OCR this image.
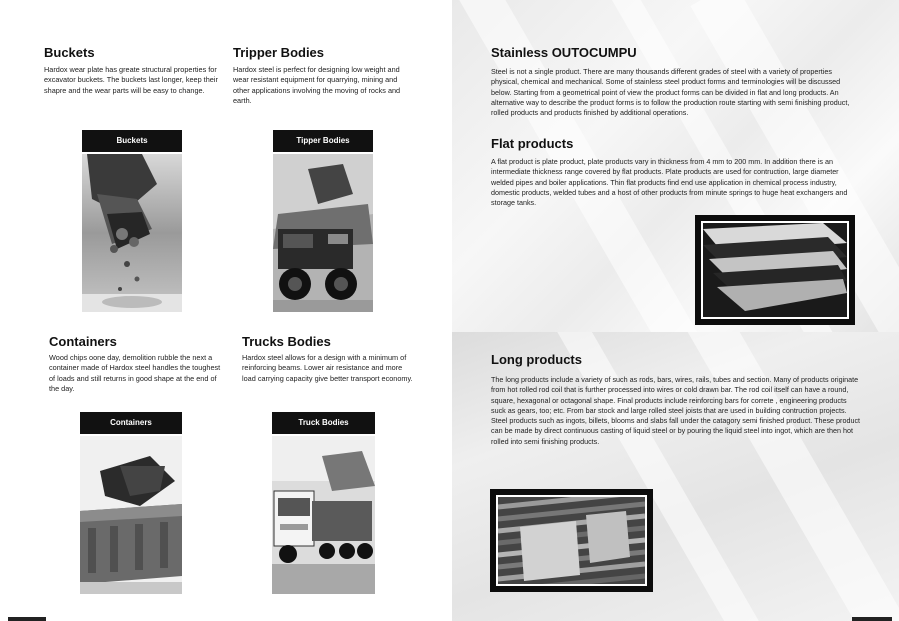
Buckets
Hardox wear plate has greate structural properties for excavator buckets. The buckets last longer, keep their shapre and the wear parts will be easy to change.
Tripper Bodies
Hardox steel is perfect for designing low weight and wear resistant equipment for quarrying, mining and other applications involving the moving of rocks and earth.
Buckets	Tipper Bodies
Containers
Wood chips oone day, demolition rubble the next a container made of Hardox steel handles the toughest of loads and still returns in good shape at the end of the day.
Trucks Bodies
Hardox steel allows for a design with a minimum of reinforcing beams. Lower air resistance and more load carrying capacity give better transport economy.
Containers	Truck Bodies
Stainless OUTOCUMPU
Steel is not a single product. There are many thousands different grades of steel with a variety of properties physical, chemical and mechanical. Some of stainless steel product forms and terminologies will be discussed below. Starting from a geometrical point of view the product forms can be divided in flat and long products. An alternative way to describe the product forms is to follow the production route starting with semi finishing product, rolled products and products finished by additional operations.
Flat products
A flat product is plate product, plate products vary in thickness from 4 mm to 200 mm. In addition there is an intermediate thickness range covered by flat products. Plate products are used for contruction, large diameter welded pipes and boiler applications. Thin flat products find end use application in chemical process industry, domestic products, welded tubes and a host of other products from minute springs to huge heat exchangers and storage tanks.
Long products
The long products include a variety of such as rods, bars, wires, rails, tubes and section. Many of products originate from hot rolled rod coil that is further processed into wires or cold drawn bar. The rod coil itself can have a round, square, hexagonal or octagonal shape. Final products include reinforcing bars for correte , engineering products suck as gears, too; etc. From bar stock and large rolled steel joists that are used in building contruction projects. Steel products such as ingots, billets, blooms and slabs fall under the catagory semi finished product. These product can be made by direct continuous casting of liquid steel or by pouring the liquid steel into ingot, which are then hot rolled into semi finishing products.
